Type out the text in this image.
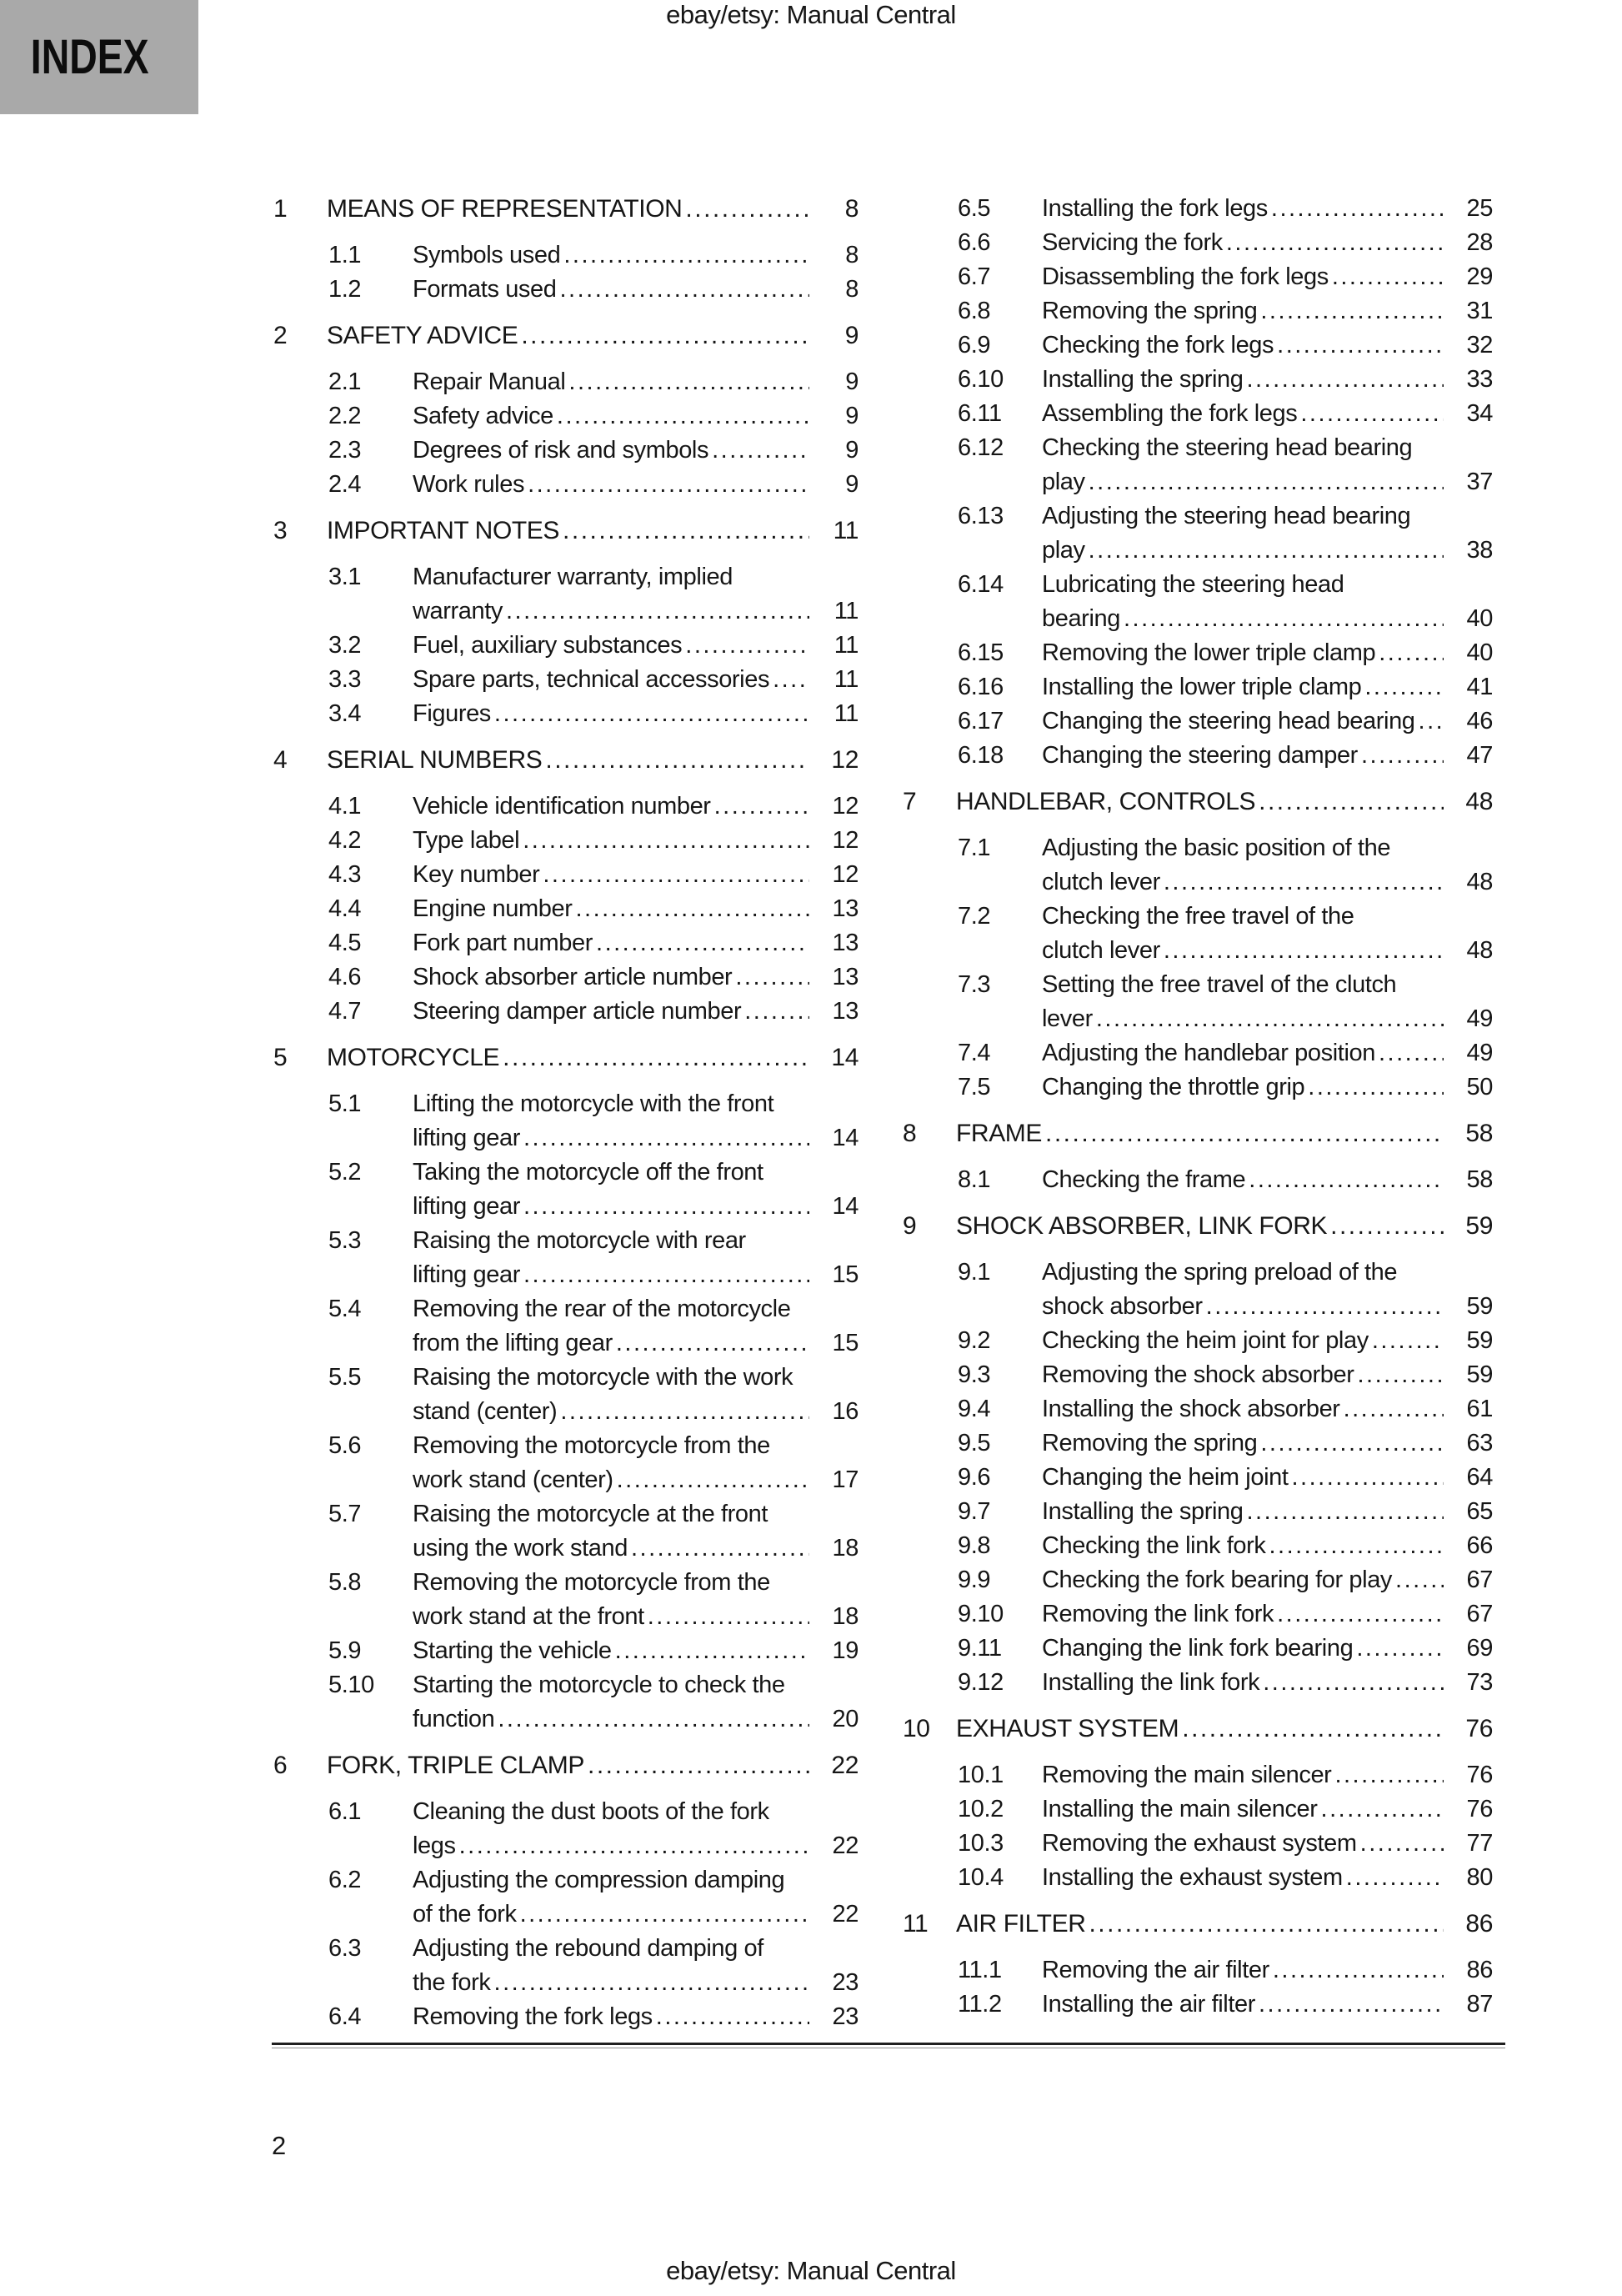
INDEX
ebay/etsy: Manual Central
1	MEANS OF REPRESENTATION .....	8
1.1	Symbols used .....	8
1.2	Formats used .....	8
2	SAFETY ADVICE .....	9
2.1	Repair Manual .....	9
2.2	Safety advice .....	9
2.3	Degrees of risk and symbols .....	9
2.4	Work rules .....	9
3	IMPORTANT NOTES .....	11
3.1	Manufacturer warranty, implied
warranty .....	11
3.2	Fuel, auxiliary substances .....	11
3.3	Spare parts, technical accessories .....	11
3.4	Figures .....	11
4	SERIAL NUMBERS .....	12
4.1	Vehicle identification number .....	12
4.2	Type label .....	12
4.3	Key number .....	12
4.4	Engine number .....	13
4.5	Fork part number .....	13
4.6	Shock absorber article number .....	13
4.7	Steering damper article number .....	13
5	MOTORCYCLE .....	14
5.1	Lifting the motorcycle with the front
lifting gear .....	14
5.2	Taking the motorcycle off the front
lifting gear .....	14
5.3	Raising the motorcycle with rear
lifting gear .....	15
5.4	Removing the rear of the motorcycle
from the lifting gear .....	15
5.5	Raising the motorcycle with the work
stand (center) .....	16
5.6	Removing the motorcycle from the
work stand (center) .....	17
5.7	Raising the motorcycle at the front
using the work stand .....	18
5.8	Removing the motorcycle from the
work stand at the front .....	18
5.9	Starting the vehicle .....	19
5.10	Starting the motorcycle to check the
function .....	20
6	FORK, TRIPLE CLAMP .....	22
6.1	Cleaning the dust boots of the fork
legs .....	22
6.2	Adjusting the compression damping
of the fork .....	22
6.3	Adjusting the rebound damping of
the fork .....	23
6.4	Removing the fork legs .....	23
6.5	Installing the fork legs .....	25
6.6	Servicing the fork .....	28
6.7	Disassembling the fork legs .....	29
6.8	Removing the spring .....	31
6.9	Checking the fork legs .....	32
6.10	Installing the spring .....	33
6.11	Assembling the fork legs .....	34
6.12	Checking the steering head bearing
play .....	37
6.13	Adjusting the steering head bearing
play .....	38
6.14	Lubricating the steering head
bearing .....	40
6.15	Removing the lower triple clamp .....	40
6.16	Installing the lower triple clamp .....	41
6.17	Changing the steering head bearing .....	46
6.18	Changing the steering damper .....	47
7	HANDLEBAR, CONTROLS .....	48
7.1	Adjusting the basic position of the
clutch lever .....	48
7.2	Checking the free travel of the
clutch lever .....	48
7.3	Setting the free travel of the clutch
lever .....	49
7.4	Adjusting the handlebar position .....	49
7.5	Changing the throttle grip .....	50
8	FRAME .....	58
8.1	Checking the frame .....	58
9	SHOCK ABSORBER, LINK FORK .....	59
9.1	Adjusting the spring preload of the
shock absorber .....	59
9.2	Checking the heim joint for play .....	59
9.3	Removing the shock absorber .....	59
9.4	Installing the shock absorber .....	61
9.5	Removing the spring .....	63
9.6	Changing the heim joint .....	64
9.7	Installing the spring .....	65
9.8	Checking the link fork .....	66
9.9	Checking the fork bearing for play .....	67
9.10	Removing the link fork .....	67
9.11	Changing the link fork bearing .....	69
9.12	Installing the link fork .....	73
10	EXHAUST SYSTEM .....	76
10.1	Removing the main silencer .....	76
10.2	Installing the main silencer .....	76
10.3	Removing the exhaust system .....	77
10.4	Installing the exhaust system .....	80
11	AIR FILTER .....	86
11.1	Removing the air filter .....	86
11.2	Installing the air filter .....	87
2
ebay/etsy: Manual Central
